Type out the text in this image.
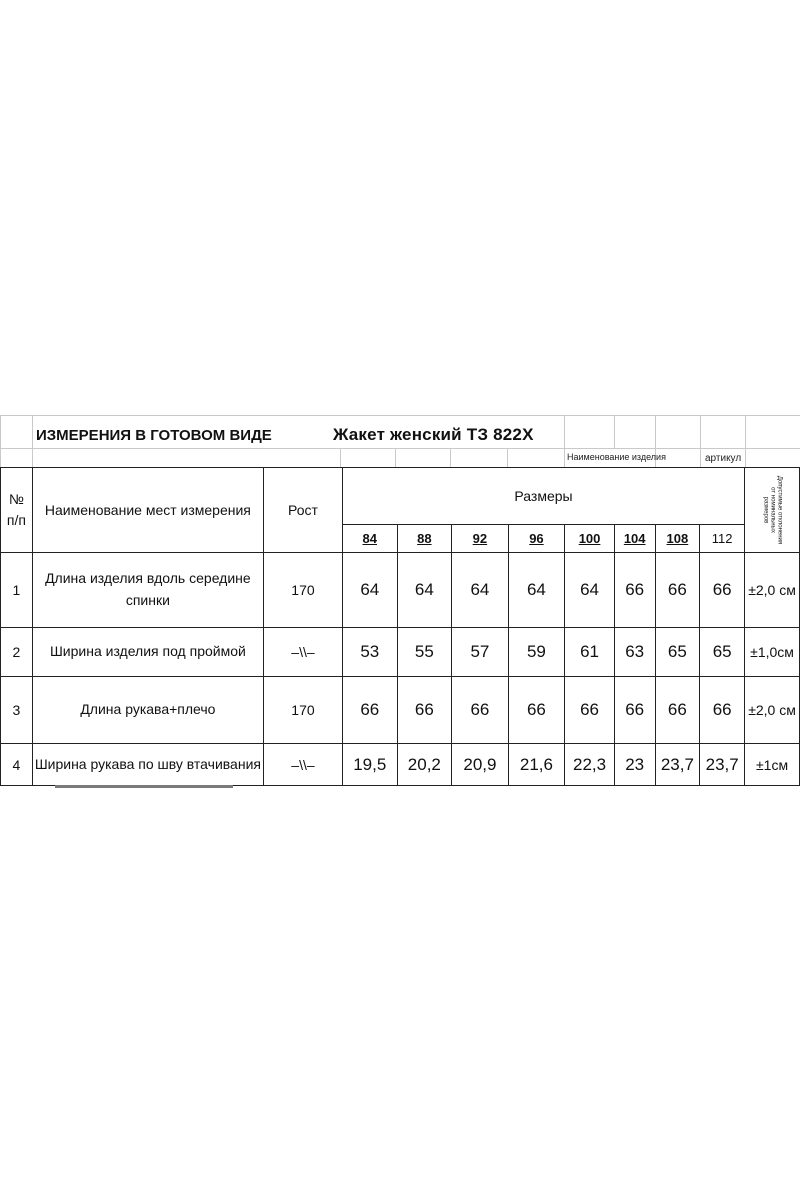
ИЗМЕРЕНИЯ В ГОТОВОМ ВИДЕ	Жакет женский ТЗ 822Х
Наименование изделия	артикул
№ п/п	Наименование мест измерения	Рост	Размеры								Допустимые отклонения от номинальных размеров

			84	88	92	96	100	104	108	112	
1	Длина изделия вдоль середине спинки	170	64	64	64	64	64	66	66	66	±2,0 см
2	Ширина изделия под проймой	–\\–	53	55	57	59	61	63	65	65	±1,0см
3	Длина рукава+плечо	170	66	66	66	66	66	66	66	66	±2,0 см
4	Ширина рукава по шву втачивания	–\\–	19,5	20,2	20,9	21,6	22,3	23	23,7	23,7	±1см
